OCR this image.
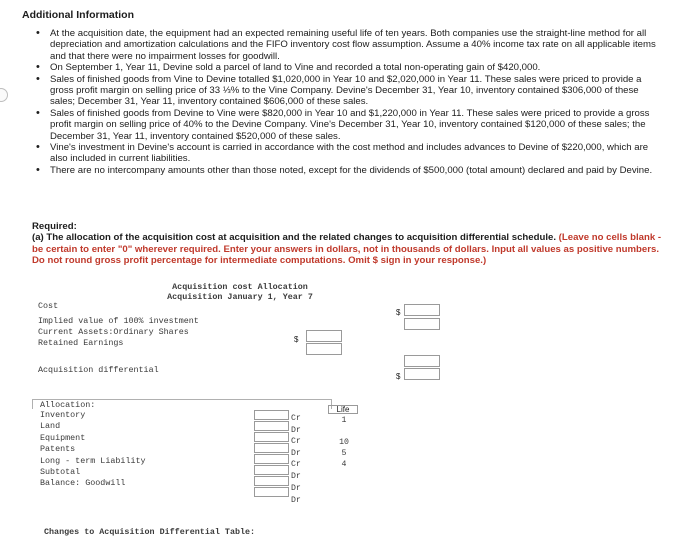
Additional Information
• At the acquisition date, the equipment had an expected remaining useful life of ten years. Both companies use the straight-line method for all depreciation and amortization calculations and the FIFO inventory cost flow assumption. Assume a 40% income tax rate on all applicable items and that there were no impairment losses for goodwill.
• On September 1, Year 11, Devine sold a parcel of land to Vine and recorded a total non-operating gain of $420,000.
• Sales of finished goods from Vine to Devine totalled $1,020,000 in Year 10 and $2,020,000 in Year 11. These sales were priced to provide a gross profit margin on selling price of 33 ⅓% to the Vine Company. Devine's December 31, Year 10, inventory contained $306,000 of these sales; December 31, Year 11, inventory contained $606,000 of these sales.
• Sales of finished goods from Devine to Vine were $820,000 in Year 10 and $1,220,000 in Year 11. These sales were priced to provide a gross profit margin on selling price of 40% to the Devine Company. Vine's December 31, Year 10, inventory contained $120,000 of these sales; the December 31, Year 11, inventory contained $520,000 of these sales.
• Vine's investment in Devine's account is carried in accordance with the cost method and includes advances to Devine of $220,000, which are also included in current liabilities.
• There are no intercompany amounts other than those noted, except for the dividends of $500,000 (total amount) declared and paid by Devine.
Required:
(a) The allocation of the acquisition cost at acquisition and the related changes to acquisition differential schedule. (Leave no cells blank - be certain to enter "0" wherever required. Enter your answers in dollars, not in thousands of dollars. Input all values as positive numbers. Do not round gross profit percentage for intermediate computations. Omit $ sign in your response.)
Acquisition cost Allocation
Acquisition January 1, Year 7
Cost
$
Implied value of 100% investment
Current Assets:Ordinary Shares
$
Retained Earnings
Acquisition differential
$
Allocation:	Life
Inventory
Land
Equipment
Patents
Long - term Liability
Subtotal
Balance: Goodwill
Cr
Dr
Cr
Dr
Cr
Dr
Dr
Dr
1
10
5
4
Changes to Acquisition Differential Table:
